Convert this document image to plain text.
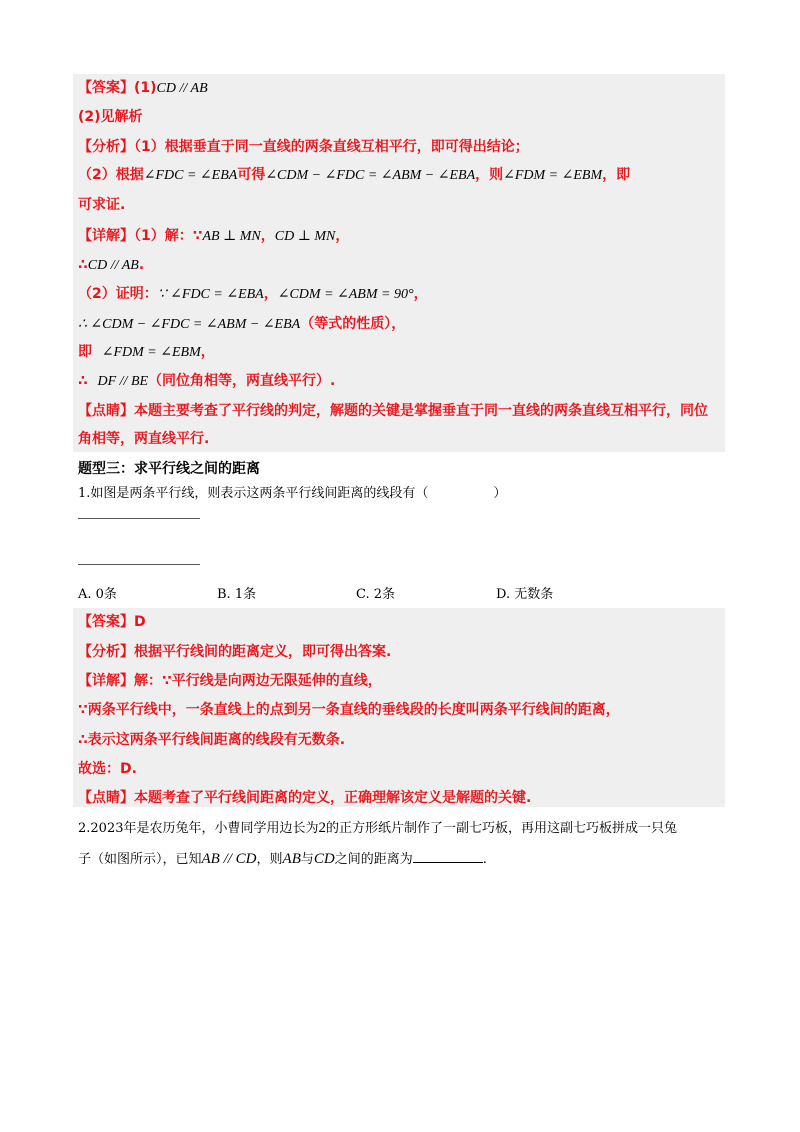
【答案】(1)CD // AB
(2)见解析
【分析】（1）根据垂直于同一直线的两条直线互相平行，即可得出结论；
（2）根据∠FDC = ∠EBA可得∠CDM − ∠FDC = ∠ABM − ∠EBA，则∠FDM = ∠EBM，即
可求证.
【详解】（1）解：∵AB ⊥ MN，CD ⊥ MN，
∴CD // AB.
（2）证明：∵ ∠FDC = ∠EBA，∠CDM = ∠ABM = 90°，
∴ ∠CDM − ∠FDC = ∠ABM − ∠EBA（等式的性质），
即 ∠FDM = ∠EBM，
∴ DF // BE（同位角相等，两直线平行）.
【点睛】本题主要考查了平行线的判定，解题的关键是掌握垂直于同一直线的两条直线互相平行，同位
角相等，两直线平行.
题型三：求平行线之间的距离
1.如图是两条平行线，则表示这两条平行线间距离的线段有（　　　　　）
A. 0条	B. 1条	C. 2条	D. 无数条
【答案】D
【分析】根据平行线间的距离定义，即可得出答案.
【详解】解：∵平行线是向两边无限延伸的直线，
∵两条平行线中，一条直线上的点到另一条直线的垂线段的长度叫两条平行线间的距离，
∴表示这两条平行线间距离的线段有无数条.
故选：D.
【点睛】本题考查了平行线间距离的定义，正确理解该定义是解题的关键.
2.2023年是农历兔年，小曹同学用边长为2的正方形纸片制作了一副七巧板，再用这副七巧板拼成一只兔
子（如图所示），已知AB // CD，则AB与CD之间的距离为	.
